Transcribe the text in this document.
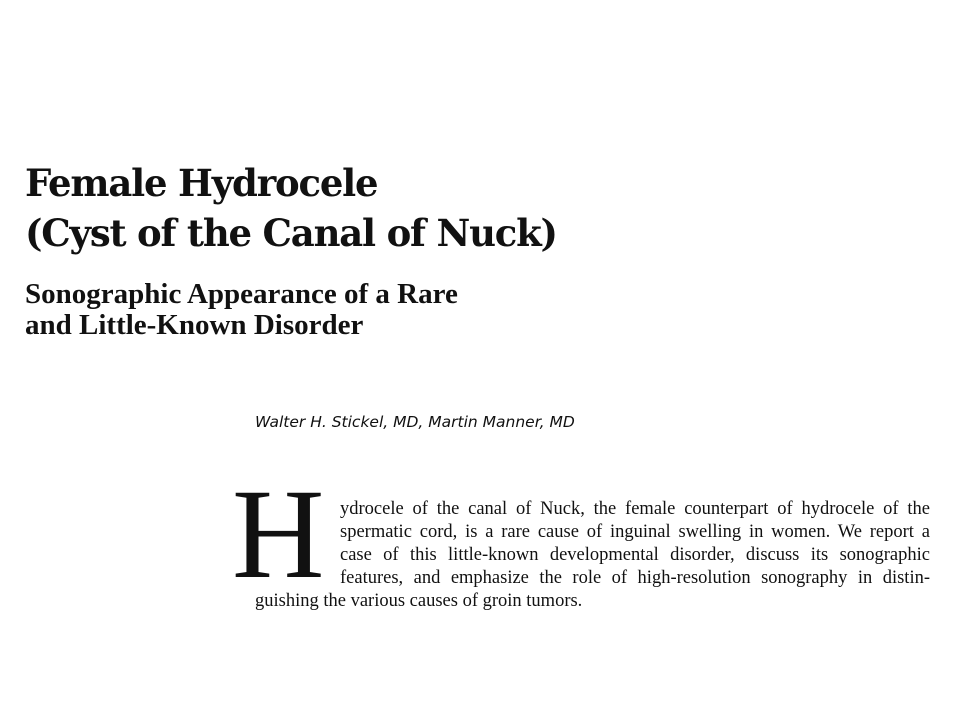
Female Hydrocele
(Cyst of the Canal of Nuck)
Sonographic Appearance of a Rare
and Little-Known Disorder
Walter H. Stickel, MD, Martin Manner, MD
H ydrocele of the canal of Nuck, the female counterpart of hydrocele of the
spermatic cord, is a rare cause of inguinal swelling in women. We report a
case of this little-known developmental disorder, discuss its sonographic
features, and emphasize the role of high-resolution sonography in distin-
guishing the various causes of groin tumors.
